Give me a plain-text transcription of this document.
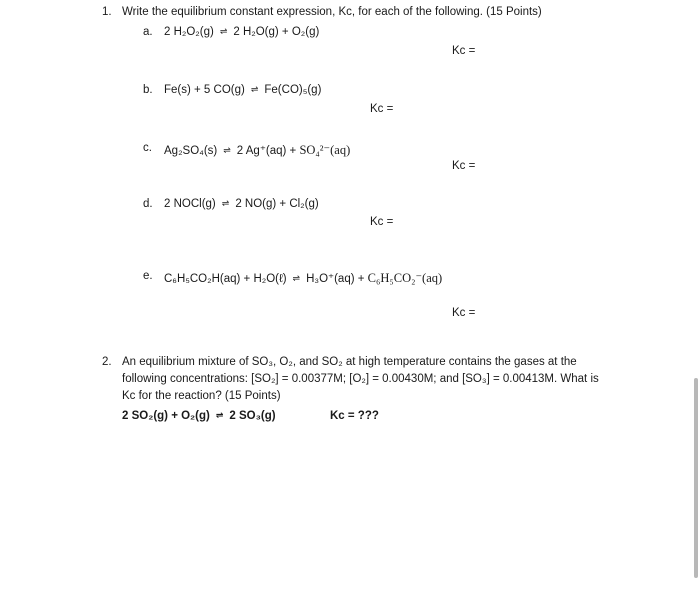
1. Write the equilibrium constant expression, Kc, for each of the following. (15 Points)
a. 2 H₂O₂(g) ⇌ 2 H₂O(g) + O₂(g)
Kc =
b. Fe(s) + 5 CO(g) ⇌ Fe(CO)₅(g)
Kc =
c. Ag₂SO₄(s) ⇌ 2 Ag⁺(aq) + SO₄²⁻(aq)
Kc =
d. 2 NOCl(g) ⇌ 2 NO(g) + Cl₂(g)
Kc =
e. C₆H₅CO₂H(aq) + H₂O(ℓ) ⇌ H₃O⁺(aq) + C₆H₅CO₂⁻(aq)
Kc =
2. An equilibrium mixture of SO₃, O₂, and SO₂ at high temperature contains the gases at the
following concentrations: [SO₂] = 0.00377M; [O₂] = 0.00430M; and [SO₃] = 0.00413M. What is
Kc for the reaction? (15 Points)
2 SO₂(g) + O₂(g) ⇌ 2 SO₃(g)	Kc = ???
